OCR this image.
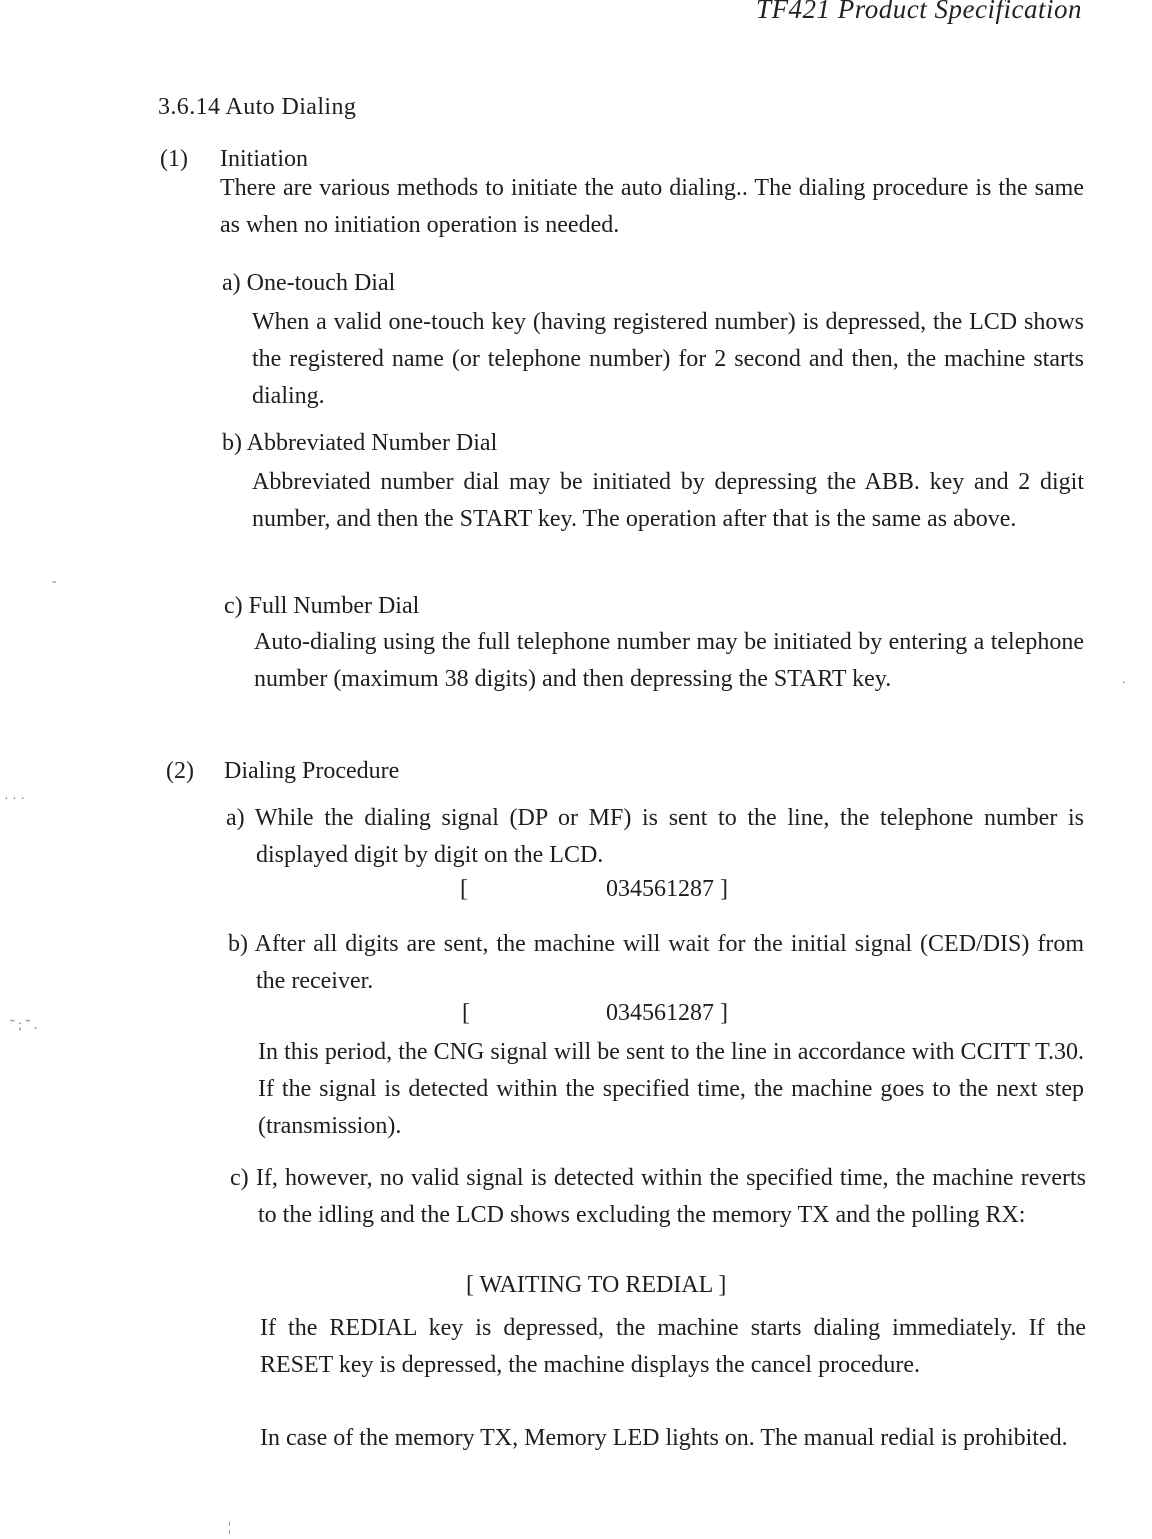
TF421 Product Specification
3.6.14 Auto Dialing
(1) Initiation
There are various methods to initiate the auto dialing.. The dialing procedure is the same as when no initiation operation is needed.
a) One-touch Dial
When a valid one-touch key (having registered number) is depressed, the LCD shows the registered name (or telephone number) for 2 second and then, the machine starts dialing.
b) Abbreviated Number Dial
Abbreviated number dial may be initiated by depressing the ABB. key and 2 digit number, and then the START key. The operation after that is the same as above.
c) Full Number Dial
Auto-dialing using the full telephone number may be initiated by entering a telephone number (maximum 38 digits) and then depressing the START key.
(2) Dialing Procedure
a) While the dialing signal (DP or MF) is sent to the line, the telephone number is displayed digit by digit on the LCD.
[	034561287 ]
b) After all digits are sent, the machine will wait for the initial signal (CED/DIS) from the receiver.
[	034561287 ]
In this period, the CNG signal will be sent to the line in accordance with CCITT T.30. If the signal is detected within the specified time, the machine goes to the next step (transmission).
c) If, however, no valid signal is detected within the specified time, the machine reverts to the idling and the LCD shows excluding the memory TX and the polling RX:
[ WAITING TO REDIAL ]
If the REDIAL key is depressed, the machine starts dialing immediately. If the RESET key is depressed, the machine displays the cancel procedure.
In case of the memory TX, Memory LED lights on. The manual redial is prohibited.
-
· · ·
˜ ; ˜ .
.
¦
